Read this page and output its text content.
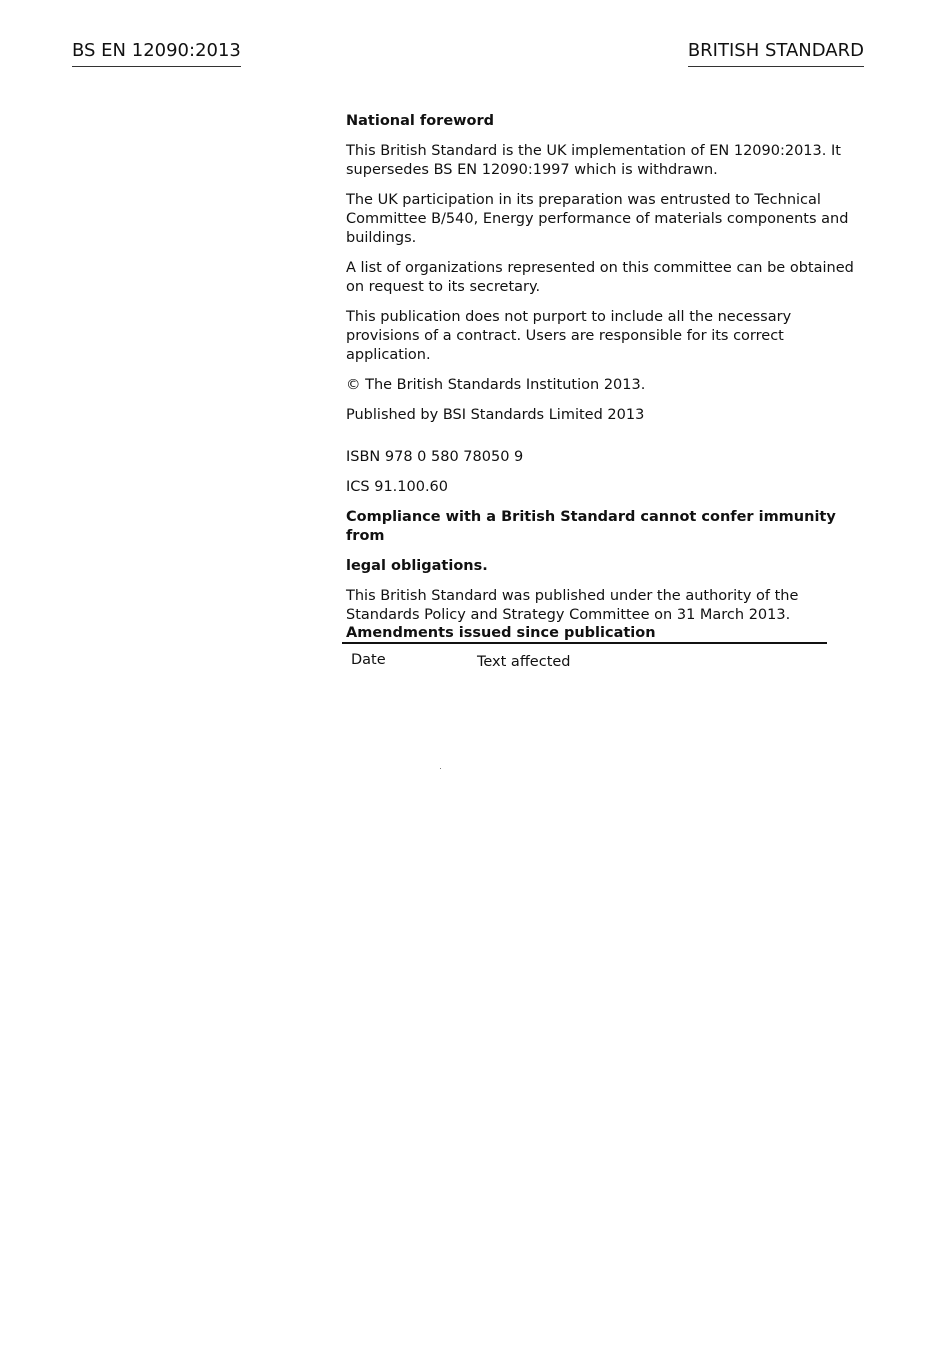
BS EN 12090:2013	BRITISH STANDARD

National foreword

This British Standard is the UK implementation of EN 12090:2013. It supersedes BS EN 12090:1997 which is withdrawn.

The UK participation in its preparation was entrusted to Technical Committee B/540, Energy performance of materials components and buildings.

A list of organizations represented on this committee can be obtained on request to its secretary.

This publication does not purport to include all the necessary provisions of a contract. Users are responsible for its correct application.

© The British Standards Institution 2013.

Published by BSI Standards Limited 2013

ISBN 978 0 580 78050 9

ICS 91.100.60

Compliance with a British Standard cannot confer immunity from

legal obligations.

This British Standard was published under the authority of the Standards Policy and Strategy Committee on 31 March 2013.

Amendments issued since publication
Date	Text affected
